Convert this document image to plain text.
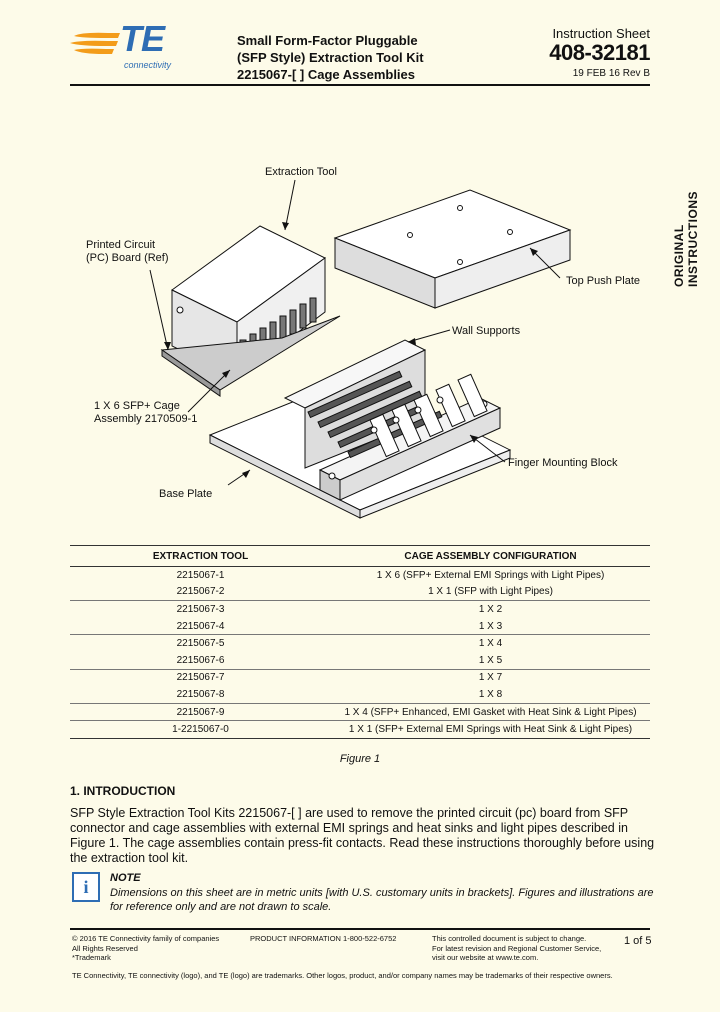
TE
connectivity
Small Form-Factor Pluggable
(SFP Style) Extraction Tool Kit
2215067-[ ] Cage Assemblies
Instruction Sheet
408-32181
19 FEB 16 Rev B
ORIGINAL INSTRUCTIONS
Extraction Tool
Printed Circuit
(PC) Board (Ref)
Top Push Plate
Wall Supports
1 X 6 SFP+ Cage
Assembly 2170509-1
Finger Mounting Block
Base Plate
EXTRACTION TOOL	CAGE ASSEMBLY CONFIGURATION
2215067-1	1 X 6 (SFP+ External EMI Springs with Light Pipes)
2215067-2	1 X 1 (SFP with Light Pipes)
2215067-3	1 X 2
2215067-4	1 X 3
2215067-5	1 X 4
2215067-6	1 X 5
2215067-7	1 X 7
2215067-8	1 X 8
2215067-9	1 X 4 (SFP+ Enhanced, EMI Gasket with Heat Sink & Light Pipes)
1-2215067-0	1 X 1 (SFP+ External EMI Springs with Heat Sink & Light Pipes)
Figure 1
1. INTRODUCTION
SFP Style Extraction Tool Kits 2215067-[ ] are used to remove the printed circuit (pc) board from SFP connector and cage assemblies with external EMI springs and heat sinks and light pipes described in Figure 1. The cage assemblies contain press-fit contacts. Read these instructions thoroughly before using the extraction tool kit.
i	NOTE
Dimensions on this sheet are in metric units [with U.S. customary units in brackets]. Figures and illustrations are for reference only and are not drawn to scale.
© 2016 TE Connectivity family of companies
All Rights Reserved
*Trademark
PRODUCT INFORMATION 1-800-522-6752	This controlled document is subject to change.
For latest revision and Regional Customer Service,
visit our website at www.te.com.
1 of 5
TE Connectivity, TE connectivity (logo), and TE (logo) are trademarks. Other logos, product, and/or company names may be trademarks of their respective owners.
